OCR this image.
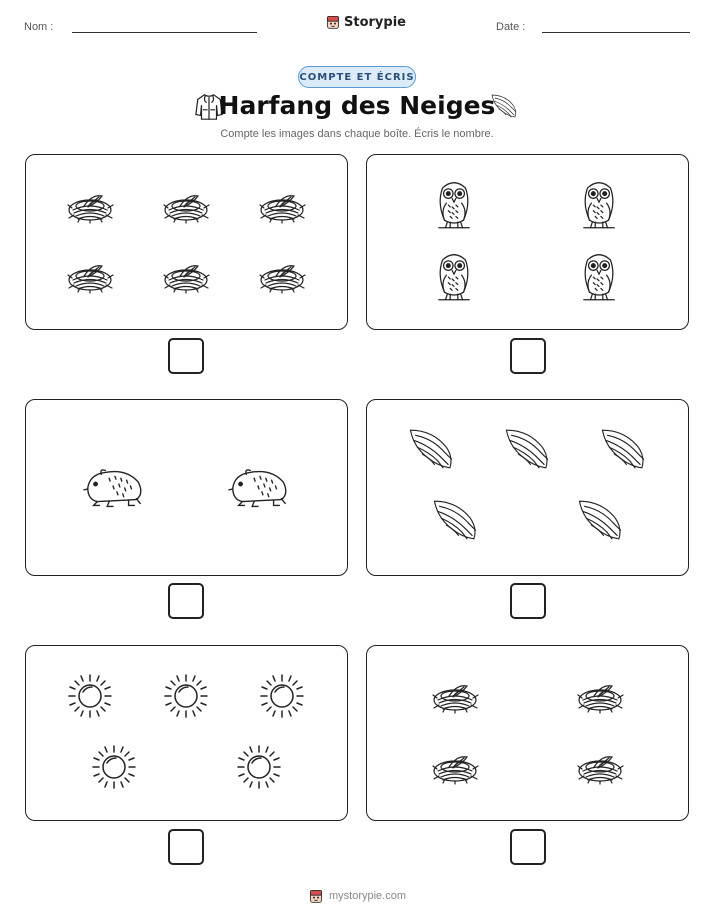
Nom :	Storypie	Date :
COMPTE ET ÉCRIS
Harfang des Neiges
Compte les images dans chaque boîte. Écris le nombre.
mystorypie.com
